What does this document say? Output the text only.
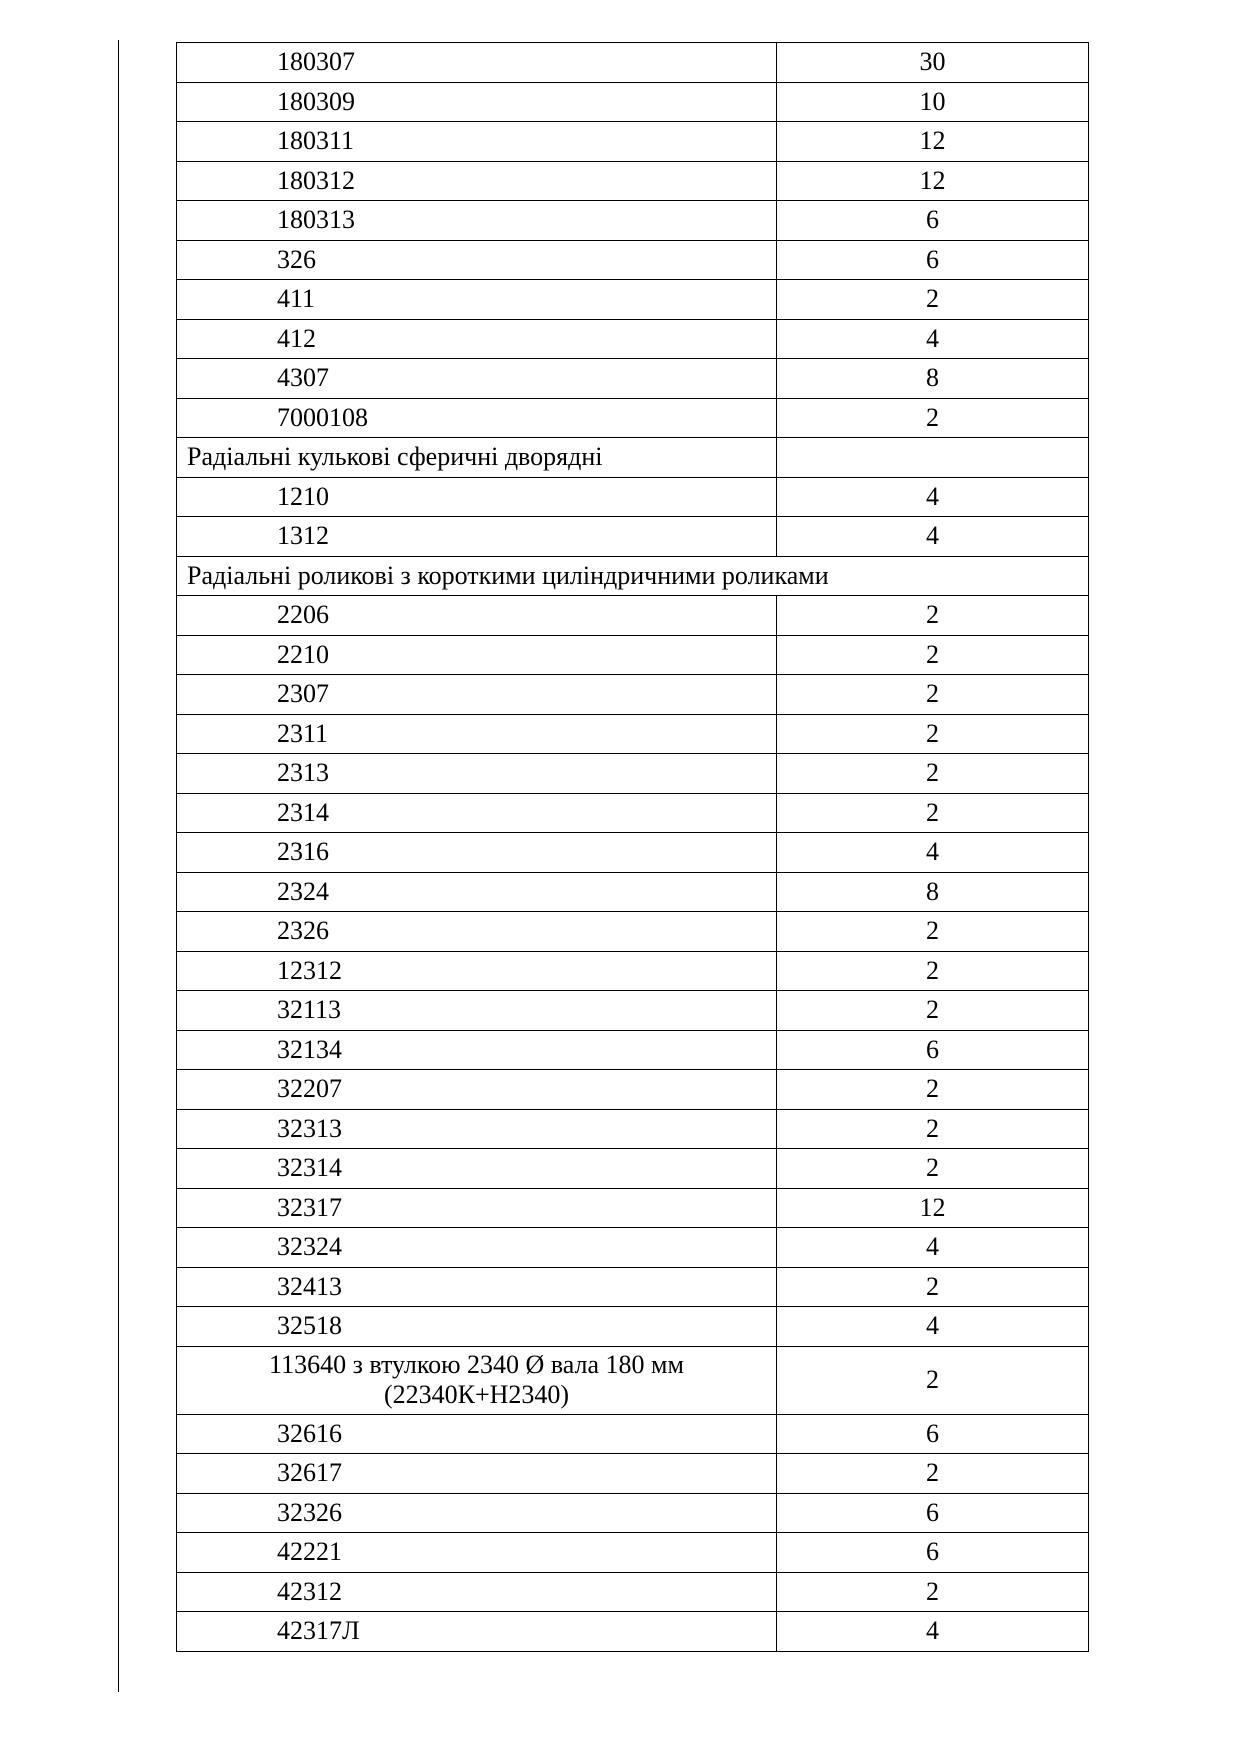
180307	30
180309	10
180311	12
180312	12
180313	6
326	6
411	2
412	4
4307	8
7000108	2
Радіальні кулькові сферичні дворядні	
1210	4
1312	4
Радіальні роликові з короткими циліндричними роликами	
2206	2
2210	2
2307	2
2311	2
2313	2
2314	2
2316	4
2324	8
2326	2
12312	2
32113	2
32134	6
32207	2
32313	2
32314	2
32317	12
32324	4
32413	2
32518	4

113640 з втулкою 2340 Ø вала 180 мм
(22340К+Н2340)	2
32616	6
32617	2
32326	6
42221	6
42312	2
42317Л	4
